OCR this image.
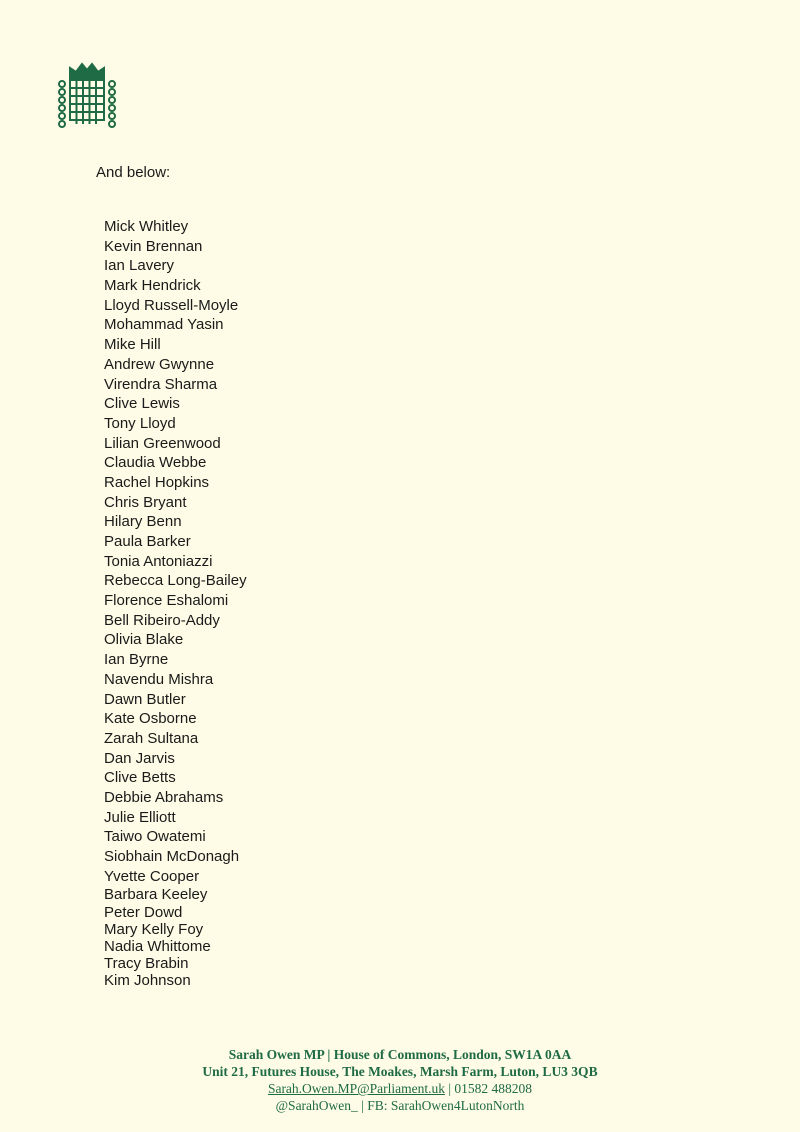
And below:

Mick Whitley
Kevin Brennan
Ian Lavery
Mark Hendrick
Lloyd Russell-Moyle
Mohammad Yasin
Mike Hill
Andrew Gwynne
Virendra Sharma
Clive Lewis
Tony Lloyd
Lilian Greenwood
Claudia Webbe
Rachel Hopkins
Chris Bryant
Hilary Benn
Paula Barker
Tonia Antoniazzi
Rebecca Long-Bailey
Florence Eshalomi
Bell Ribeiro-Addy
Olivia Blake
Ian Byrne
Navendu Mishra
Dawn Butler
Kate Osborne
Zarah Sultana
Dan Jarvis
Clive Betts
Debbie Abrahams
Julie Elliott
Taiwo Owatemi
Siobhain McDonagh
Yvette Cooper
Barbara Keeley
Peter Dowd
Mary Kelly Foy
Nadia Whittome
Tracy Brabin
Kim Johnson
Sarah Owen MP | House of Commons, London, SW1A 0AA
Unit 21, Futures House, The Moakes, Marsh Farm, Luton, LU3 3QB
Sarah.Owen.MP@Parliament.uk | 01582 488208
@SarahOwen_ | FB: SarahOwen4LutonNorth
